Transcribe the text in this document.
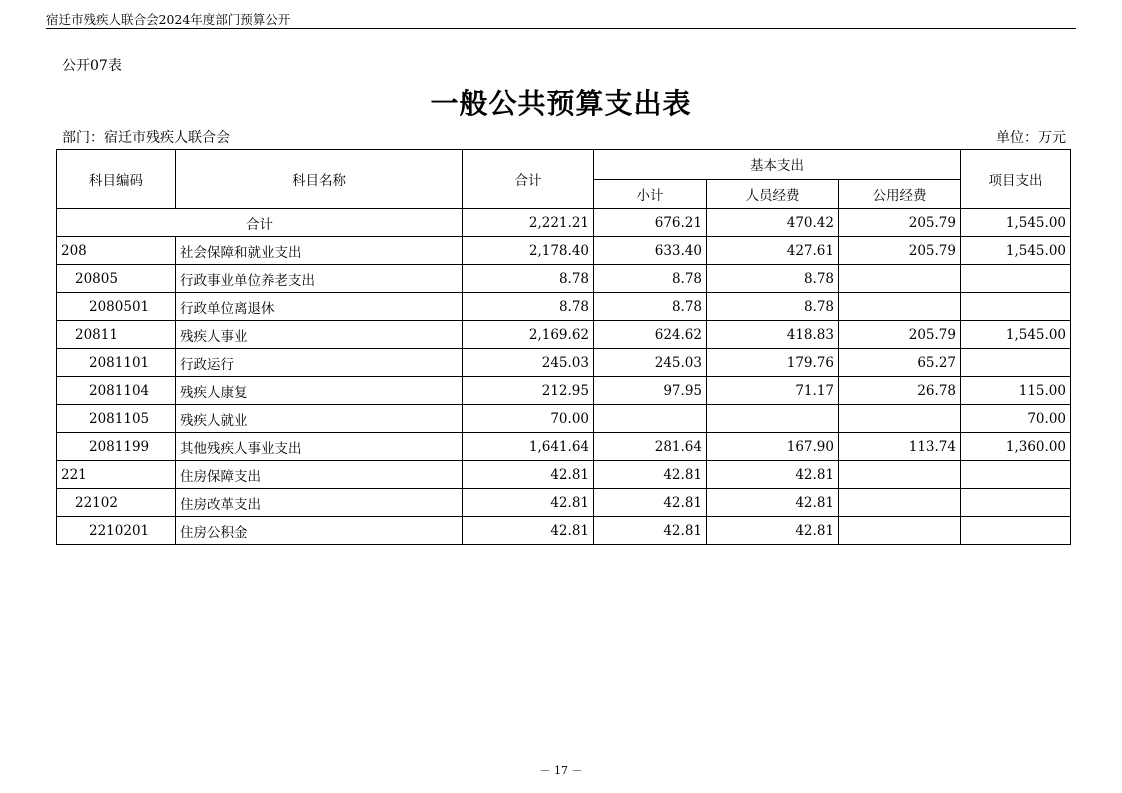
宿迁市残疾人联合会2024年度部门预算公开
公开07表
一般公共预算支出表
部门：宿迁市残疾人联合会	单位：万元
科目编码	科目名称	合计	基本支出			项目支出
			小计	人员经费	公用经费	
合计		2,221.21	676.21	470.42	205.79	1,545.00
208	社会保障和就业支出	2,178.40	633.40	427.61	205.79	1,545.00
20805	行政事业单位养老支出	8.78	8.78	8.78		
2080501	行政单位离退休	8.78	8.78	8.78		
20811	残疾人事业	2,169.62	624.62	418.83	205.79	1,545.00
2081101	行政运行	245.03	245.03	179.76	65.27	
2081104	残疾人康复	212.95	97.95	71.17	26.78	115.00
2081105	残疾人就业	70.00				70.00
2081199	其他残疾人事业支出	1,641.64	281.64	167.90	113.74	1,360.00
221	住房保障支出	42.81	42.81	42.81		
22102	住房改革支出	42.81	42.81	42.81		
2210201	住房公积金	42.81	42.81	42.81		
－ 17 －
